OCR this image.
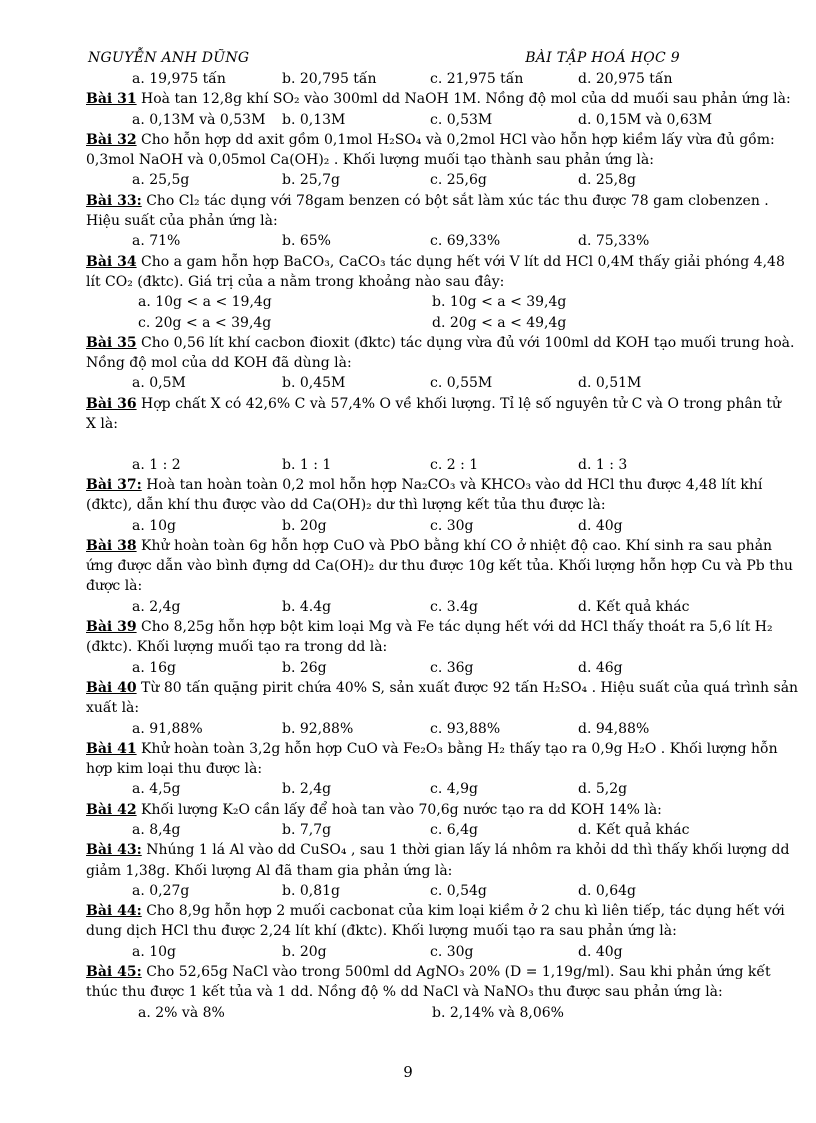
NGUYỄN ANH DŨNG	BÀI TẬP HOÁ HỌC 9
a. 19,975 tấn	b. 20,795 tấn	c. 21,975 tấn	d. 20,975 tấn
Bài 31 Hoà tan 12,8g khí SO₂ vào 300ml dd NaOH 1M. Nồng độ mol của dd muối sau phản ứng là:
a. 0,13M và 0,53M	b. 0,13M	c. 0,53M	d. 0,15M và 0,63M
Bài 32 Cho hỗn hợp dd axit gồm 0,1mol H₂SO₄ và 0,2mol HCl vào hỗn hợp kiềm lấy vừa đủ gồm:
0,3mol NaOH và 0,05mol Ca(OH)₂ . Khối lượng muối tạo thành sau phản ứng là:
a. 25,5g	b. 25,7g	c. 25,6g	d. 25,8g
Bài 33: Cho Cl₂ tác dụng với 78gam benzen có bột sắt làm xúc tác thu được 78 gam clobenzen .
Hiệu suất của phản ứng là:
a. 71%	b. 65%	c. 69,33%	d. 75,33%
Bài 34 Cho a gam hỗn hợp BaCO₃, CaCO₃ tác dụng hết với V lít dd HCl 0,4M thấy giải phóng 4,48
lít CO₂ (đktc). Giá trị của a nằm trong khoảng nào sau đây:
a. 10g < a < 19,4g	b. 10g < a < 39,4g
c. 20g < a < 39,4g	d. 20g < a < 49,4g
Bài 35 Cho 0,56 lít khí cacbon đioxit (đktc) tác dụng vừa đủ với 100ml dd KOH tạo muối trung hoà.
Nồng độ mol của dd KOH đã dùng là:
a. 0,5M	b. 0,45M	c. 0,55M	d. 0,51M
Bài 36 Hợp chất X có 42,6% C và 57,4% O về khối lượng. Tỉ lệ số nguyên tử C và O trong phân tử
X là:
a. 1 : 2	b. 1 : 1	c. 2 : 1	d. 1 : 3
Bài 37: Hoà tan hoàn toàn 0,2 mol hỗn hợp Na₂CO₃ và KHCO₃ vào dd HCl thu được 4,48 lít khí
(đktc), dẫn khí thu được vào dd Ca(OH)₂ dư thì lượng kết tủa thu được là:
a. 10g	b. 20g	c. 30g	d. 40g
Bài 38 Khử hoàn toàn 6g hỗn hợp CuO và PbO bằng khí CO ở nhiệt độ cao. Khí sinh ra sau phản
ứng được dẫn vào bình đựng dd Ca(OH)₂ dư thu được 10g kết tủa. Khối lượng hỗn hợp Cu và Pb thu
được là:
a. 2,4g	b. 4.4g	c. 3.4g	d. Kết quả khác
Bài 39 Cho 8,25g hỗn hợp bột kim loại Mg và Fe tác dụng hết với dd HCl thấy thoát ra 5,6 lít H₂
(đktc). Khối lượng muối tạo ra trong dd là:
a. 16g	b. 26g	c. 36g	d. 46g
Bài 40 Từ 80 tấn quặng pirit chứa 40% S, sản xuất được 92 tấn H₂SO₄ . Hiệu suất của quá trình sản
xuất là:
a. 91,88%	b. 92,88%	c. 93,88%	d. 94,88%
Bài 41 Khử hoàn toàn 3,2g hỗn hợp CuO và Fe₂O₃ bằng H₂ thấy tạo ra 0,9g H₂O . Khối lượng hỗn
hợp kim loại thu được là:
a. 4,5g	b. 2,4g	c. 4,9g	d. 5,2g
Bài 42 Khối lượng K₂O cần lấy để hoà tan vào 70,6g nước tạo ra dd KOH 14% là:
a. 8,4g	b. 7,7g	c. 6,4g	d. Kết quả khác
Bài 43: Nhúng 1 lá Al vào dd CuSO₄ , sau 1 thời gian lấy lá nhôm ra khỏi dd thì thấy khối lượng dd
giảm 1,38g. Khối lượng Al đã tham gia phản ứng là:
a. 0,27g	b. 0,81g	c. 0,54g	d. 0,64g
Bài 44: Cho 8,9g hỗn hợp 2 muối cacbonat của kim loại kiềm ở 2 chu kì liên tiếp, tác dụng hết với
dung dịch HCl thu được 2,24 lít khí (đktc). Khối lượng muối tạo ra sau phản ứng là:
a. 10g	b. 20g	c. 30g	d. 40g
Bài 45: Cho 52,65g NaCl vào trong 500ml dd AgNO₃ 20% (D = 1,19g/ml). Sau khi phản ứng kết
thúc thu được 1 kết tủa và 1 dd. Nồng độ % dd NaCl và NaNO₃ thu được sau phản ứng là:
a. 2% và 8%	b. 2,14% và 8,06%
9
